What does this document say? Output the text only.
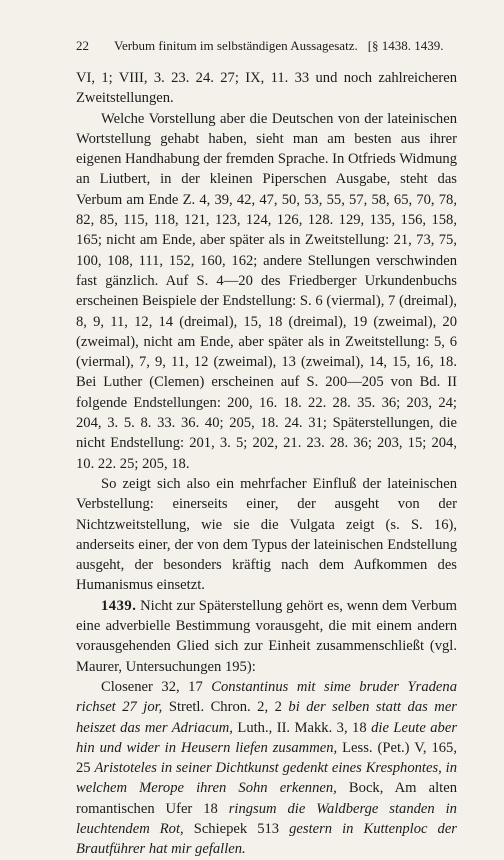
22 Verbum finitum im selbständigen Aussagesatz. [§ 1438. 1439.

VI, 1; VIII, 3. 23. 24. 27; IX, 11. 33 und noch zahlreicheren Zweitstellungen.

Welche Vorstellung aber die Deutschen von der lateinischen Wortstellung gehabt haben, sieht man am besten aus ihrer eigenen Handhabung der fremden Sprache. In Otfrieds Widmung an Liutbert, in der kleinen Piperschen Ausgabe, steht das Verbum am Ende Z. 4, 39, 42, 47, 50, 53, 55, 57, 58, 65, 70, 78, 82, 85, 115, 118, 121, 123, 124, 126, 128. 129, 135, 156, 158, 165; nicht am Ende, aber später als in Zweitstellung: 21, 73, 75, 100, 108, 111, 152, 160, 162; andere Stellungen verschwinden fast gänzlich. Auf S. 4—20 des Friedberger Urkundenbuchs erscheinen Beispiele der Endstellung: S. 6 (viermal), 7 (dreimal), 8, 9, 11, 12, 14 (dreimal), 15, 18 (dreimal), 19 (zweimal), 20 (zweimal), nicht am Ende, aber später als in Zweitstellung: 5, 6 (viermal), 7, 9, 11, 12 (zweimal), 13 (zweimal), 14, 15, 16, 18. Bei Luther (Clemen) erscheinen auf S. 200—205 von Bd. II folgende Endstellungen: 200, 16. 18. 22. 28. 35. 36; 203, 24; 204, 3. 5. 8. 33. 36. 40; 205, 18. 24. 31; Späterstellungen, die nicht Endstellung: 201, 3. 5; 202, 21. 23. 28. 36; 203, 15; 204, 10. 22. 25; 205, 18.

So zeigt sich also ein mehrfacher Einfluß der lateinischen Verbstellung: einerseits einer, der ausgeht von der Nichtzweitstellung, wie sie die Vulgata zeigt (s. S. 16), anderseits einer, der von dem Typus der lateinischen Endstellung ausgeht, der besonders kräftig nach dem Aufkommen des Humanismus einsetzt.

1439. Nicht zur Späterstellung gehört es, wenn dem Verbum eine adverbielle Bestimmung vorausgeht, die mit einem andern vorausgehenden Glied sich zur Einheit zusammenschließt (vgl. Maurer, Untersuchungen 195):

Closener 32, 17 Constantinus mit sime bruder Yradena richset 27 jor, Stretl. Chron. 2, 2 bi der selben statt das mer heiszet das mer Adriacum, Luth., II. Makk. 3, 18 die Leute aber hin und wider in Heusern liefen zusammen, Less. (Pet.) V, 165, 25 Aristoteles in seiner Dichtkunst gedenkt eines Kresphontes, in welchem Merope ihren Sohn erkennen, Bock, Am alten romantischen Ufer 18 ringsum die Waldberge standen in leuchtendem Rot, Schiepek 513 gestern in Kuttenploc der Brautführer hat mir gefallen.
